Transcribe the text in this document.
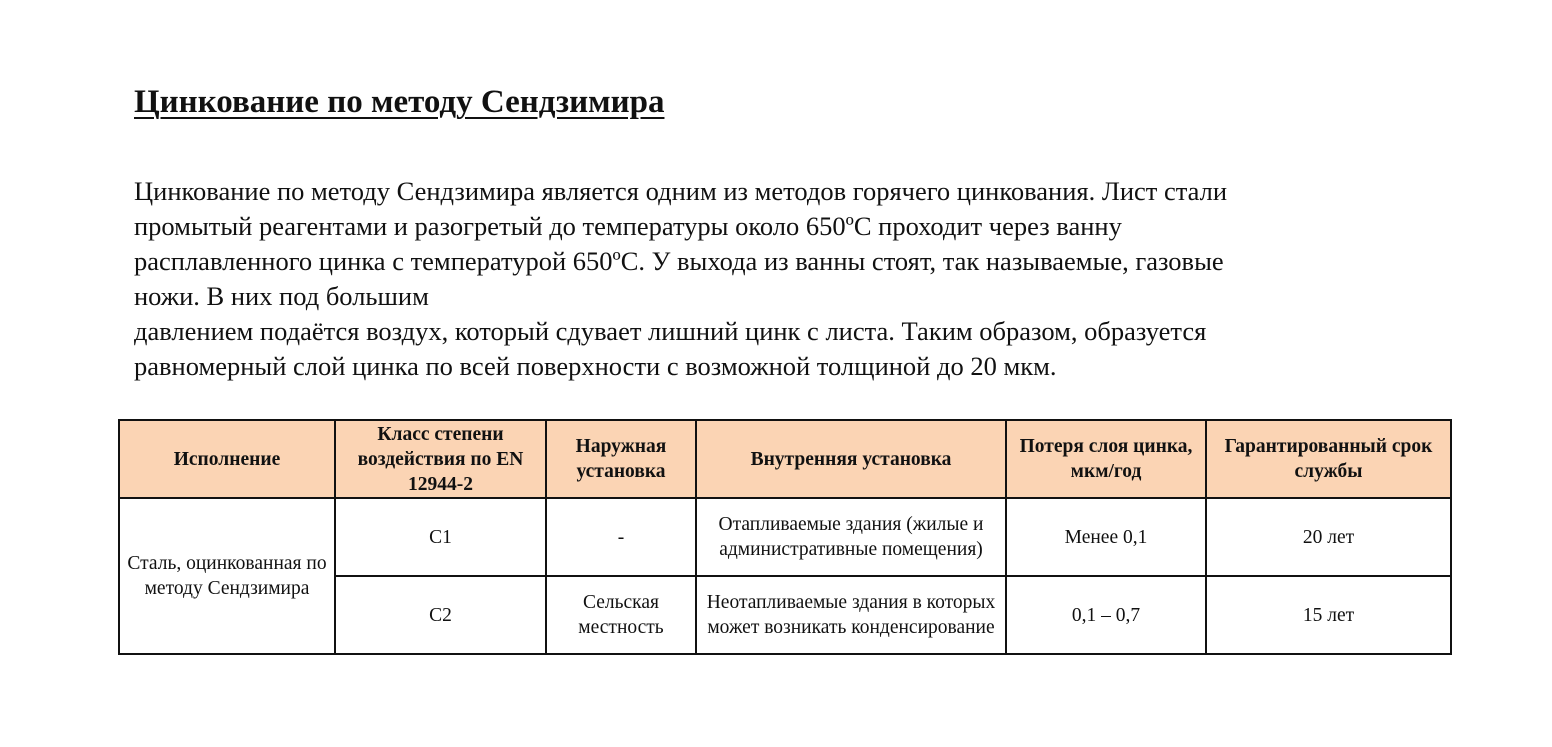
Цинкование по методу Сендзимира

Цинкование по методу Сендзимира является одним из методов горячего цинкования. Лист стали

промытый реагентами и разогретый до температуры около 650ºС проходит через ванну

расплавленного цинка с температурой 650ºС. У выхода из ванны стоят, так называемые, газовые

ножи. В них под большим

давлением подаётся воздух, который сдувает лишний цинк с листа. Таким образом, образуется

равномерный слой цинка по всей поверхности с возможной толщиной до 20 мкм.

Исполнение	Класс степени воздействия по EN 12944-2	Наружная установка	Внутренняя установка	Потеря слоя цинка, мкм/год	Гарантированный срок службы
Сталь, оцинкованная по методу Сендзимира	С1	-	Отапливаемые здания (жилые и административные помещения)	Менее 0,1	20 лет
	С2	Сельская местность	Неотапливаемые здания в которых может возникать конденсирование	0,1 – 0,7	15 лет
